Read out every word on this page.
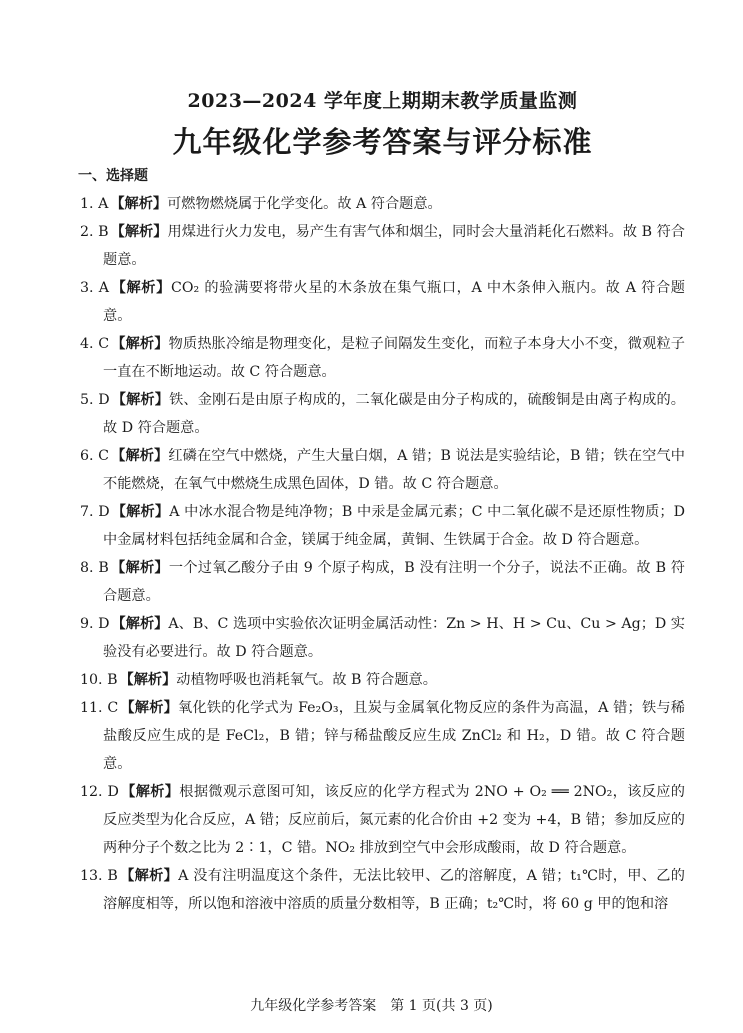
2023—2024 学年度上期期末教学质量监测

九年级化学参考答案与评分标准

一、选择题

1. A 【解析】可燃物燃烧属于化学变化。故 A 符合题意。

2. B 【解析】用煤进行火力发电，易产生有害气体和烟尘，同时会大量消耗化石燃料。故 B 符合题意。

3. A 【解析】CO₂ 的验满要将带火星的木条放在集气瓶口，A 中木条伸入瓶内。故 A 符合题意。

4. C 【解析】物质热胀冷缩是物理变化，是粒子间隔发生变化，而粒子本身大小不变，微观粒子一直在不断地运动。故 C 符合题意。

5. D 【解析】铁、金刚石是由原子构成的，二氧化碳是由分子构成的，硫酸铜是由离子构成的。故 D 符合题意。

6. C 【解析】红磷在空气中燃烧，产生大量白烟，A 错；B 说法是实验结论，B 错；铁在空气中不能燃烧，在氧气中燃烧生成黑色固体，D 错。故 C 符合题意。

7. D 【解析】A 中冰水混合物是纯净物；B 中汞是金属元素；C 中二氧化碳不是还原性物质；D 中金属材料包括纯金属和合金，镁属于纯金属，黄铜、生铁属于合金。故 D 符合题意。

8. B 【解析】一个过氧乙酸分子由 9 个原子构成，B 没有注明一个分子，说法不正确。故 B 符合题意。

9. D 【解析】A、B、C 选项中实验依次证明金属活动性：Zn > H、H > Cu、Cu > Ag；D 实验没有必要进行。故 D 符合题意。

10. B 【解析】动植物呼吸也消耗氧气。故 B 符合题意。

11. C 【解析】氧化铁的化学式为 Fe₂O₃，且炭与金属氧化物反应的条件为高温，A 错；铁与稀盐酸反应生成的是 FeCl₂，B 错；锌与稀盐酸反应生成 ZnCl₂ 和 H₂，D 错。故 C 符合题意。

12. D 【解析】根据微观示意图可知，该反应的化学方程式为 2NO + O₂ ══ 2NO₂，该反应的反应类型为化合反应，A 错；反应前后，氮元素的化合价由 +2 变为 +4，B 错；参加反应的两种分子个数之比为 2∶1，C 错。NO₂ 排放到空气中会形成酸雨，故 D 符合题意。

13. B 【解析】A 没有注明温度这个条件，无法比较甲、乙的溶解度，A 错；t₁℃时，甲、乙的溶解度相等，所以饱和溶液中溶质的质量分数相等，B 正确；t₂℃时，将 60 g 甲的饱和溶

九年级化学参考答案　第 1 页(共 3 页)
